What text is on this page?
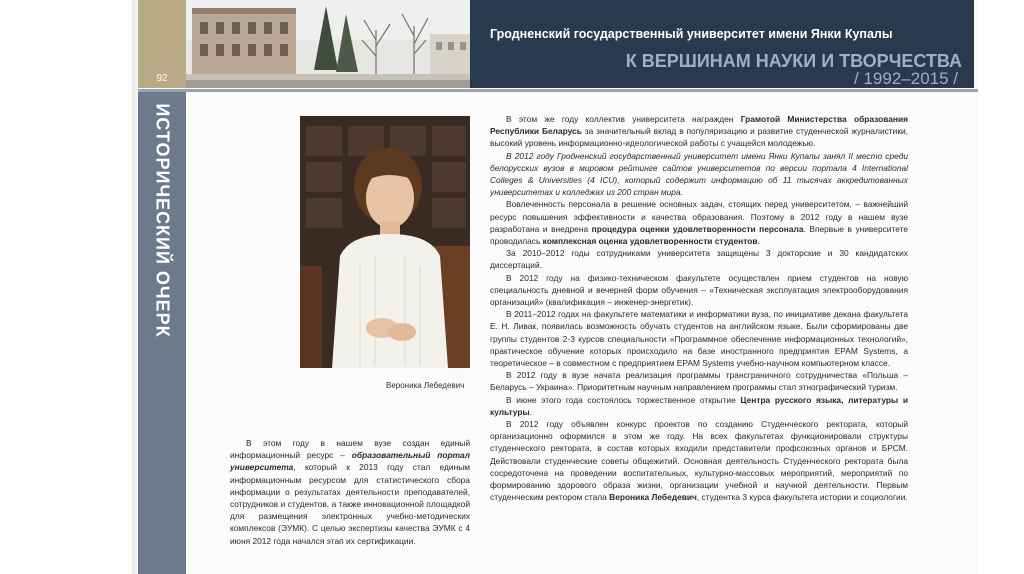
92
ИСТОРИЧЕСКИЙ ОЧЕРК
Гродненский государственный университет имени Янки Купалы
К ВЕРШИНАМ НАУКИ И ТВОРЧЕСТВА
/ 1992–2015 /
Вероника Лебедевич

В этом году в нашем вузе создан единый информационный ресурс – образовательный портал университета, который к 2013 году стал единым информационным ресурсом для статистического сбора информации о результатах деятельности преподавателей, сотрудников и студентов, а также инновационной площадкой для размещения электронных учебно-методических комплексов (ЭУМК). С целью экспертизы качества ЭУМК с 4 июня 2012 года начался этап их сертификации.

В этом же году коллектив университета награжден Грамотой Министерства образования Республики Беларусь за значительный вклад в популяризацию и развитие студенческой журналистики, высокий уровень информационно-идеологической работы с учащейся молодежью.

В 2012 году Гродненский государственный университет имени Янки Купалы занял II место среди белорусских вузов в мировом рейтинге сайтов университетов по версии портала 4 International Colleges & Universities (4 ICU), который содержит информацию об 11 тысячах аккредитованных университетах и колледжах из 200 стран мира.

Вовлеченность персонала в решение основных задач, стоящих перед университетом, – важнейший ресурс повышения эффективности и качества образования. Поэтому в 2012 году в нашем вузе разработана и внедрена процедура оценки удовлетворенности персонала. Впервые в университете проводилась комплексная оценка удовлетворенности студентов.

За 2010–2012 годы сотрудниками университета защищены 3 докторские и 30 кандидатских диссертаций.

В 2012 году на физико-техническом факультете осуществлен прием студентов на новую специальность дневной и вечерней форм обучения – «Техническая эксплуатация электрооборудования организаций» (квалификация – инженер-энергетик).

В 2011–2012 годах на факультете математики и информатики вуза, по инициативе декана факультета Е. Н. Ливак, появилась возможность обучать студентов на английском языке. Были сформированы две группы студентов 2-3 курсов специальности «Программное обеспечение информационных технологий», практическое обучение которых происходило на базе иностранного предприятия EPAM Systems, а теоретическое – в совместном с предприятием EPAM Systems учебно-научном компьютерном классе.

В 2012 году в вузе начата реализация программы трансграничного сотрудничества «Польша – Беларусь – Украина». Приоритетным научным направлением программы стал этнографический туризм.

В июне этого года состоялось торжественное открытие Центра русского языка, литературы и культуры.

В 2012 году объявлен конкурс проектов по созданию Студенческого ректората, который организационно оформился в этом же году. На всех факультетах функционировали структуры студенческого ректората, в состав которых входили представители профсоюзных органов и БРСМ. Действовали студенческие советы общежитий. Основная деятельность Студенческого ректората была сосредоточена на проведении воспитательных, культурно-массовых мероприятий, мероприятий по формированию здорового образа жизни, организации учебной и научной деятельности. Первым студенческим ректором стала Вероника Лебедевич, студентка 3 курса факультета истории и социологии.
